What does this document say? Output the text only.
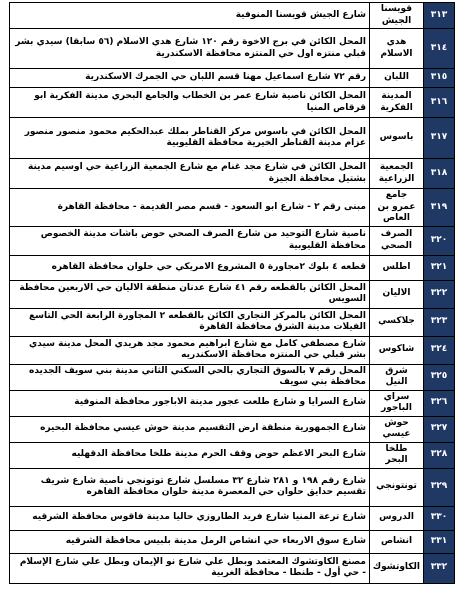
٣١٣	قويسنا الجيش	شارع الجيش قويسنا المنوفية
٣١٤	هدي الاسلام	المحل الكائن في برج الاخوة رقم ١٢٠ شارع هدي الاسلام (٥٦ سابقا) سيدي بشر قبلي منتزه اول حي المنتزه محافظة الاسكندرية
٣١٥	اللبان	رقم ٧٢ شارع اسماعيل مهنا قسم اللبان حي الجمرك الاسكندرية
٣١٦	المدينة الفكرية	المحل الكائن ناصية شارع عمر بن الخطاب والجامع البحري مدينة الفكرية ابو قرقاص المنيا
٣١٧	باسوس	المحل الكائن في باسوس مركز القناطر بملك عبدالحكيم محمود منصور منصور عزام مدينة القناطر الخيرية محافظة القليوبية
٣١٨	الجمعية الزراعية	المحل الكائن في شارع مجد غنام مع شارع الجمعية الزراعية حي اوسيم مدينة بشتيل محافظة الجيزة
٣١٩	جامع عمرو بن العاص	مبنى رقم ٢ - شارع ابو السعود - قسم مصر القديمة - محافظة القاهرة
٣٢٠	الصرف الصحي	ناصية شارع التوحيد من شارع الصرف الصحي حوض باشات مدينة الخصوص محافظة القليوبية
٣٢١	اطلس	قطعه ٤ بلوك ٢مجاورة ٥ المشروع الامريكي حي حلوان محافظة القاهره
٣٢٢	الاليان	المحل الكائن بالقطعه رقم ٤١ شارع عدنان منطقة الاليان حي الاربعين محافظة السويس
٣٢٣	جلاكسي	المحل الكائن بالمركز التجاري الكائن بالقطعه ٢ المجاورة الرابعة الحي التاسع الفيلات مدينة الشرق محافظة القاهرة
٣٢٤	شاكوس	شارع مصطفي كامل مع شارع ابراهيم محمود مجد هريدي المحل مدينة سيدي بشر قبلي حي المنتزه محافظة الاسكندريه
٣٢٥	شرق النيل	المحل رقم ٧ بالسوق التجاري بالحي السكني الثاني مدينة بني سويف الجديده محافظة بني سويف
٣٢٦	سراي الباجور	شارع السرايا و شارع طلعت عجور مدينة الاباجور محافظة المنوفية
٣٢٧	حوش عيسي	شارع الجمهورية منطقة ارض التقسيم مدينة حوش عيسي محافظة البحيره
٣٢٨	طلخا البحر	شارع البحر الاعظم حوض وقف الحرم مدينة طلخا محافظة الدقهليه
٣٢٩	تونتونجي	شارع رقم ١٩٨ و ٢٨١ شارع ٣٢ مسلسل شارع توتونجي ناصية شارع شريف تقسيم حدايق حلوان حي المعصرة مدينة حلوان محافظة القاهره
٣٣٠	الدروس	شارع ترعة المنيا شارع فريد الطاروزي حاليا مدينة فاقوس محافظة الشرقيه
٣٣١	انشاص	شارع سوق الاربعاء حي انشاص الرمل مدينة بلبيس محافظة الشرقيه
٣٣٢	الكاوتشوك	مصنع الكاوتشوك المعتمد وبطل علي شارع نو الإيمان وبطل علي شارع الإسلام - حي أول - طنطا - محافظة الغربية
